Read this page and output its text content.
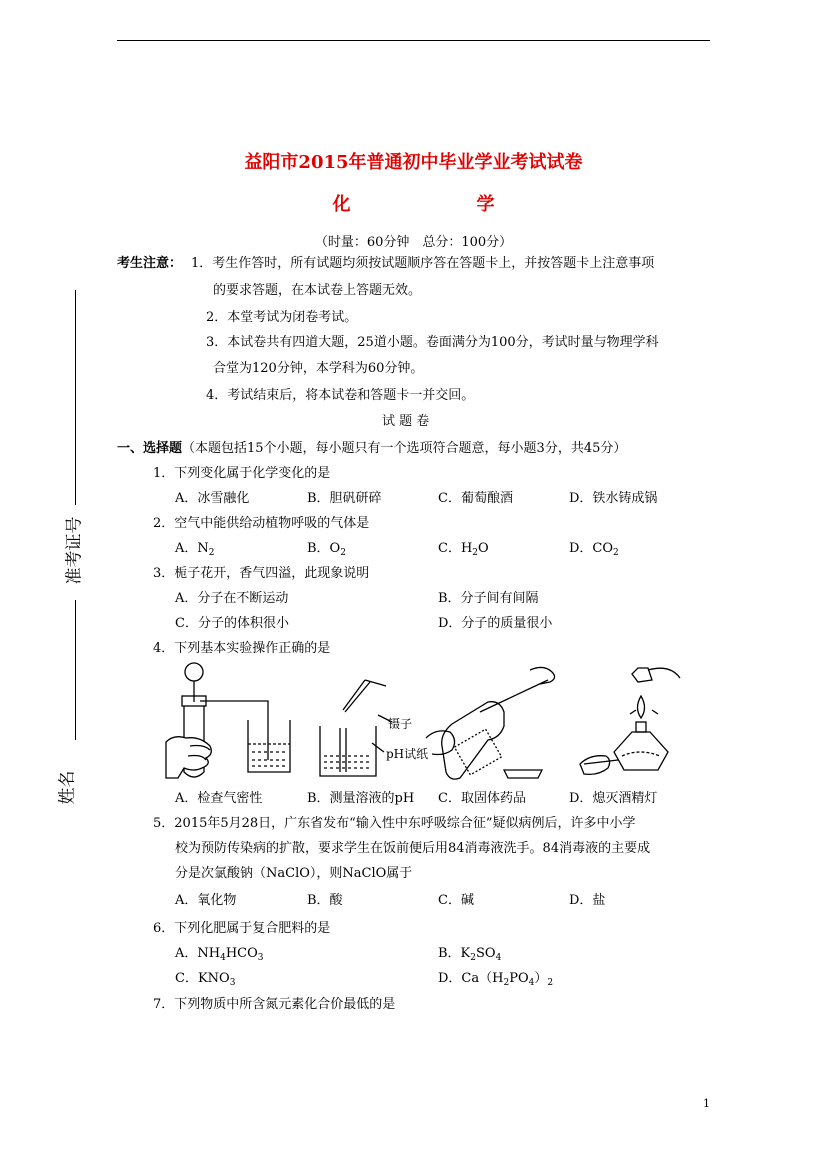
准考证号
姓名
益阳市2015年普通初中毕业学业考试试卷
化　　学
（时量：60分钟　总分：100分）
考生注意： 1．考生作答时，所有试题均须按试题顺序答在答题卡上，并按答题卡上注意事项
的要求答题，在本试卷上答题无效。
2．本堂考试为闭卷考试。
3．本试卷共有四道大题，25道小题。卷面满分为100分，考试时量与物理学科
合堂为120分钟，本学科为60分钟。
4．考试结束后，将本试卷和答题卡一并交回。
试 题 卷
一、选择题（本题包括15个小题，每小题只有一个选项符合题意，每小题3分，共45分）
1．下列变化属于化学变化的是
A．冰雪融化	B．胆矾研碎	C．葡萄酿酒	D．铁水铸成锅
2．空气中能供给动植物呼吸的气体是
A．$N_2$	B．$O_2$	C．$H_2O$	D．$CO_2$
3．栀子花开，香气四溢，此现象说明
A．分子在不断运动	B．分子间有间隔
C．分子的体积很小	D．分子的质量很小
4．下列基本实验操作正确的是
镊子
pH试纸
A．检查气密性	B．测量溶液的pH C．取固体药品	D．熄灭酒精灯
5．2015年5月28日，广东省发布“输入性中东呼吸综合征”疑似病例后，许多中小学
校为预防传染病的扩散，要求学生在饭前便后用84消毒液洗手。84消毒液的主要成
分是次氯酸钠（NaClO），则NaClO属于
A．氧化物	B．酸	C．碱	D．盐
6．下列化肥属于复合肥料的是
A．$NH_4HCO_3$	B．$K_2SO_4$
C．$KNO_3$	D．$Ca(H_2PO_4)_2$
7．下列物质中所含氮元素化合价最低的是
1
